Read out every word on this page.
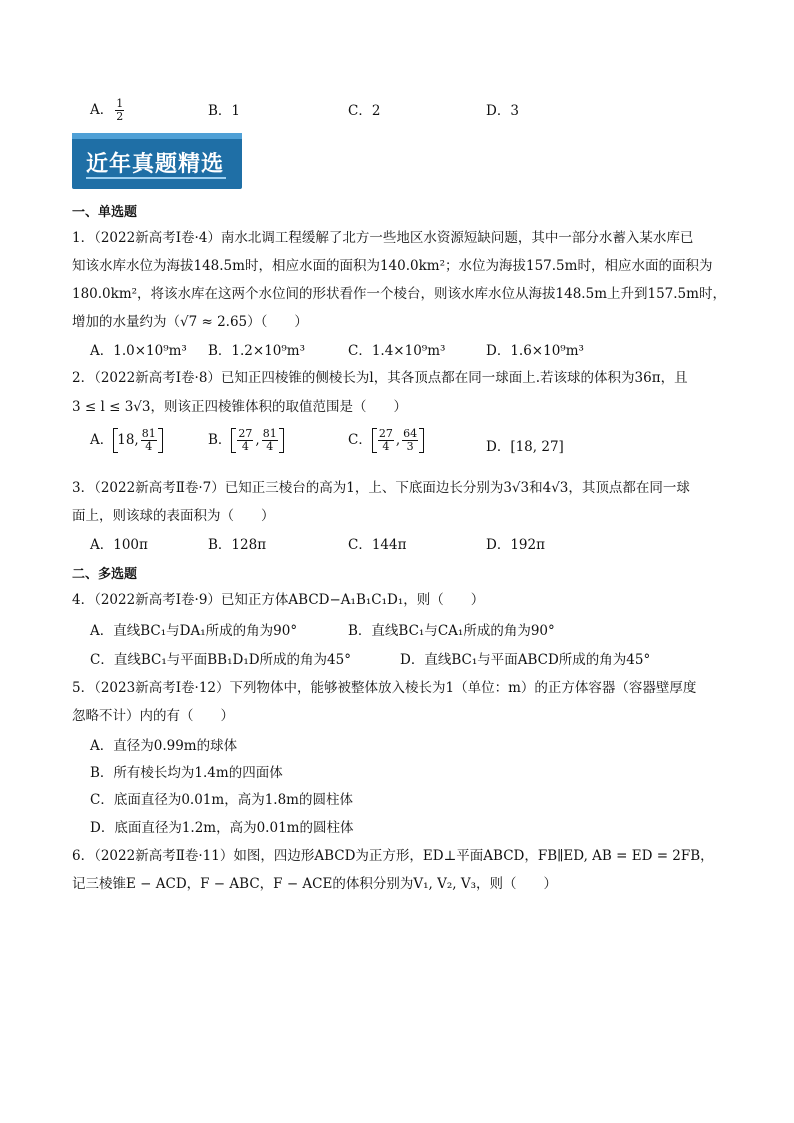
A． $\frac{1}{2}$	B．1	C．2	D．3
近年真题精选
一、单选题
1．（2022新高考Ⅰ卷·4）南水北调工程缓解了北方一些地区水资源短缺问题，其中一部分水蓄入某水库已
知该水库水位为海拔148.5m时，相应水面的面积为140.0km²；水位为海拔157.5m时，相应水面的面积为
180.0km²，将该水库在这两个水位间的形状看作一个棱台，则该水库水位从海拔148.5m上升到157.5m时，
增加的水量约为（√7 ≈ 2.65）（　　）
A．1.0×10⁹m³ B．1.2×10⁹m³	C．1.4×10⁹m³	D．1.6×10⁹m³
2．（2022新高考Ⅰ卷·8）已知正四棱锥的侧棱长为l，其各顶点都在同一球面上.若该球的体积为36π，且
3 ≤ l ≤ 3√3，则该正四棱锥体积的取值范围是（　　）
A． 18, $\frac{81}{4}$	B． $\frac{27}{4}$ , $\frac{81}{4}$	C． $\frac{27}{4}$ , $\frac{64}{3}$	D．[18, 27]
3．（2022新高考Ⅱ卷·7）已知正三棱台的高为1，上、下底面边长分别为3√3和4√3，其顶点都在同一球
面上，则该球的表面积为（　　）
A．100π	B．128π	C．144π	D．192π
二、多选题
4．（2022新高考Ⅰ卷·9）已知正方体ABCD−A₁B₁C₁D₁，则（　　）
A．直线BC₁与DA₁所成的角为90°	B．直线BC₁与CA₁所成的角为90°
C．直线BC₁与平面BB₁D₁D所成的角为45°	D．直线BC₁与平面ABCD所成的角为45°
5．（2023新高考Ⅰ卷·12）下列物体中，能够被整体放入棱长为1（单位：m）的正方体容器（容器壁厚度
忽略不计）内的有（　　）
A．直径为0.99m的球体
B．所有棱长均为1.4m的四面体
C．底面直径为0.01m，高为1.8m的圆柱体
D．底面直径为1.2m，高为0.01m的圆柱体
6．（2022新高考Ⅱ卷·11）如图，四边形ABCD为正方形，ED⊥平面ABCD，FB∥ED, AB = ED = 2FB，
记三棱锥E − ACD，F − ABC，F − ACE的体积分别为V₁, V₂, V₃，则（　　）
